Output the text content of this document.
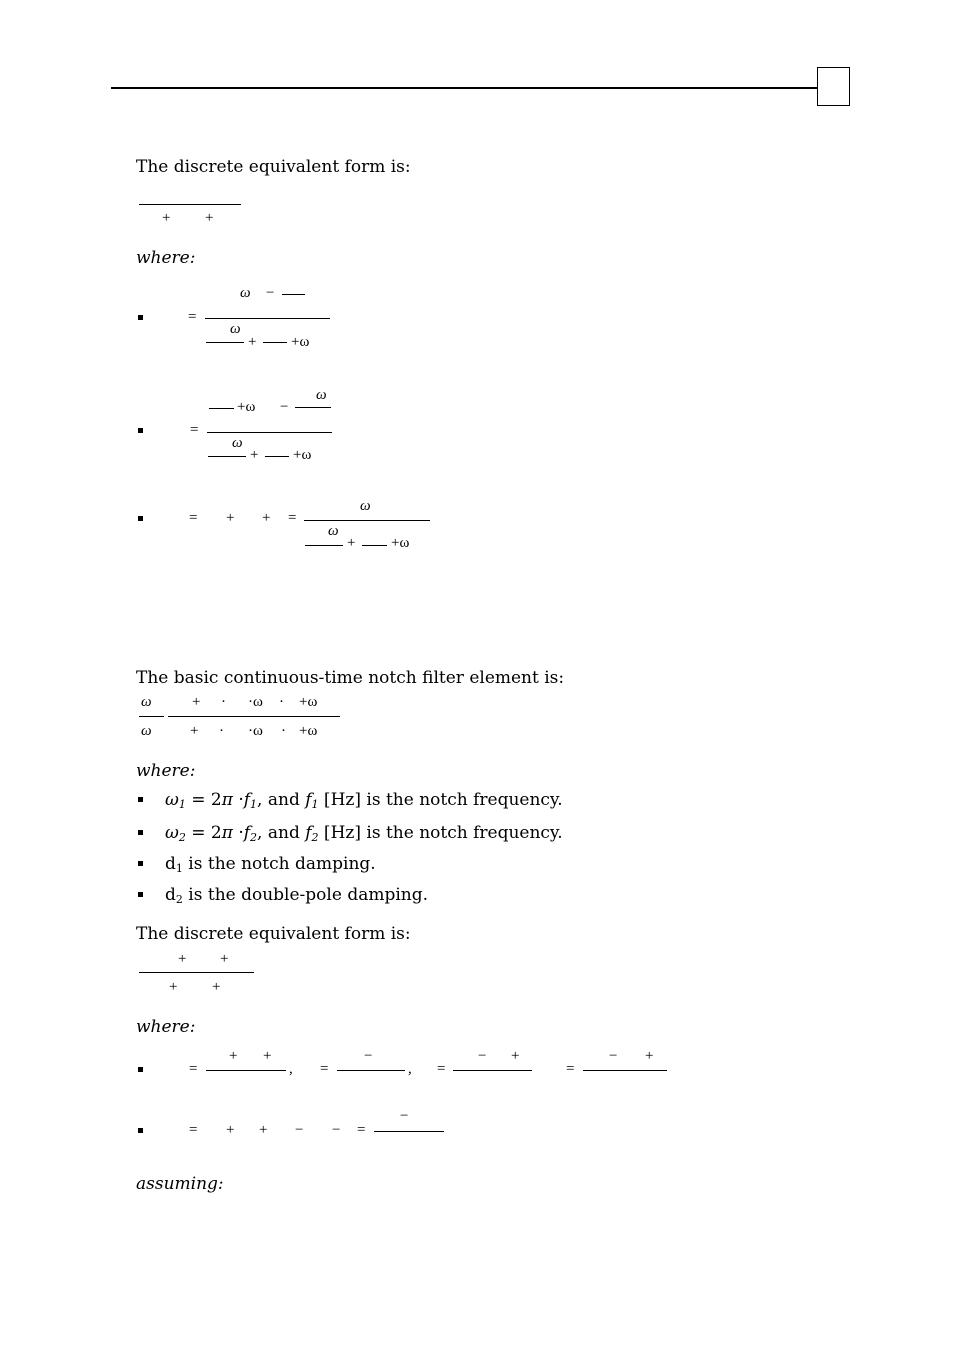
The discrete equivalent form is:
+ +
where:
=
ω −
ω
+ +ω
=
+ω −
ω
ω
+ +ω
= + + =
ω
ω
+ +ω
The basic continuous-time notch filter element is:
ω
ω
+ · ·ω · +ω
+ · ·ω · +ω
where:
$\omega_1 = 2\pi \cdot f_1$, and $f_1$ [Hz] is the notch frequency.
$\omega_2 = 2\pi \cdot f_2$, and $f_2$ [Hz] is the notch frequency.
$d_1$ is the notch damping.
$d_2$ is the double-pole damping.
The discrete equivalent form is:
+ +
+ +
where:
=
+ +
, =
−
, =
− +
=
− +
= + + − − =
−
assuming:
